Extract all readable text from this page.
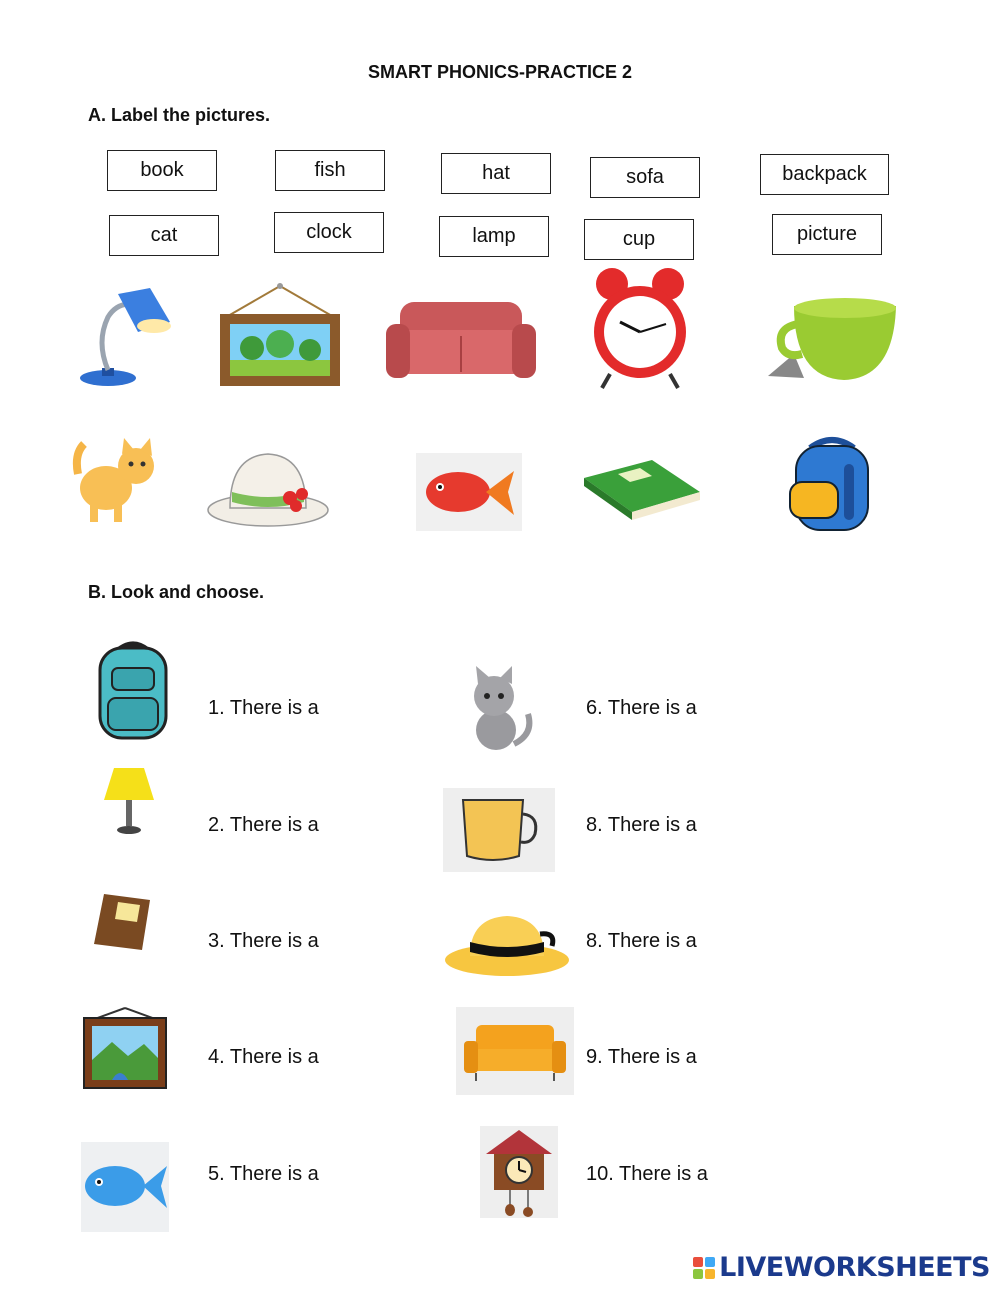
SMART PHONICS-PRACTICE 2
A. Label the pictures.
B. Look and choose.
book	fish	hat	sofa	backpack
cat	clock	lamp	cup	picture
1. There is a
2. There is a
3. There is a
4. There is a
5. There is a
6. There is a
8. There is a
8. There is a
9. There is a
10. There is a
LIVEWORKSHEETS
